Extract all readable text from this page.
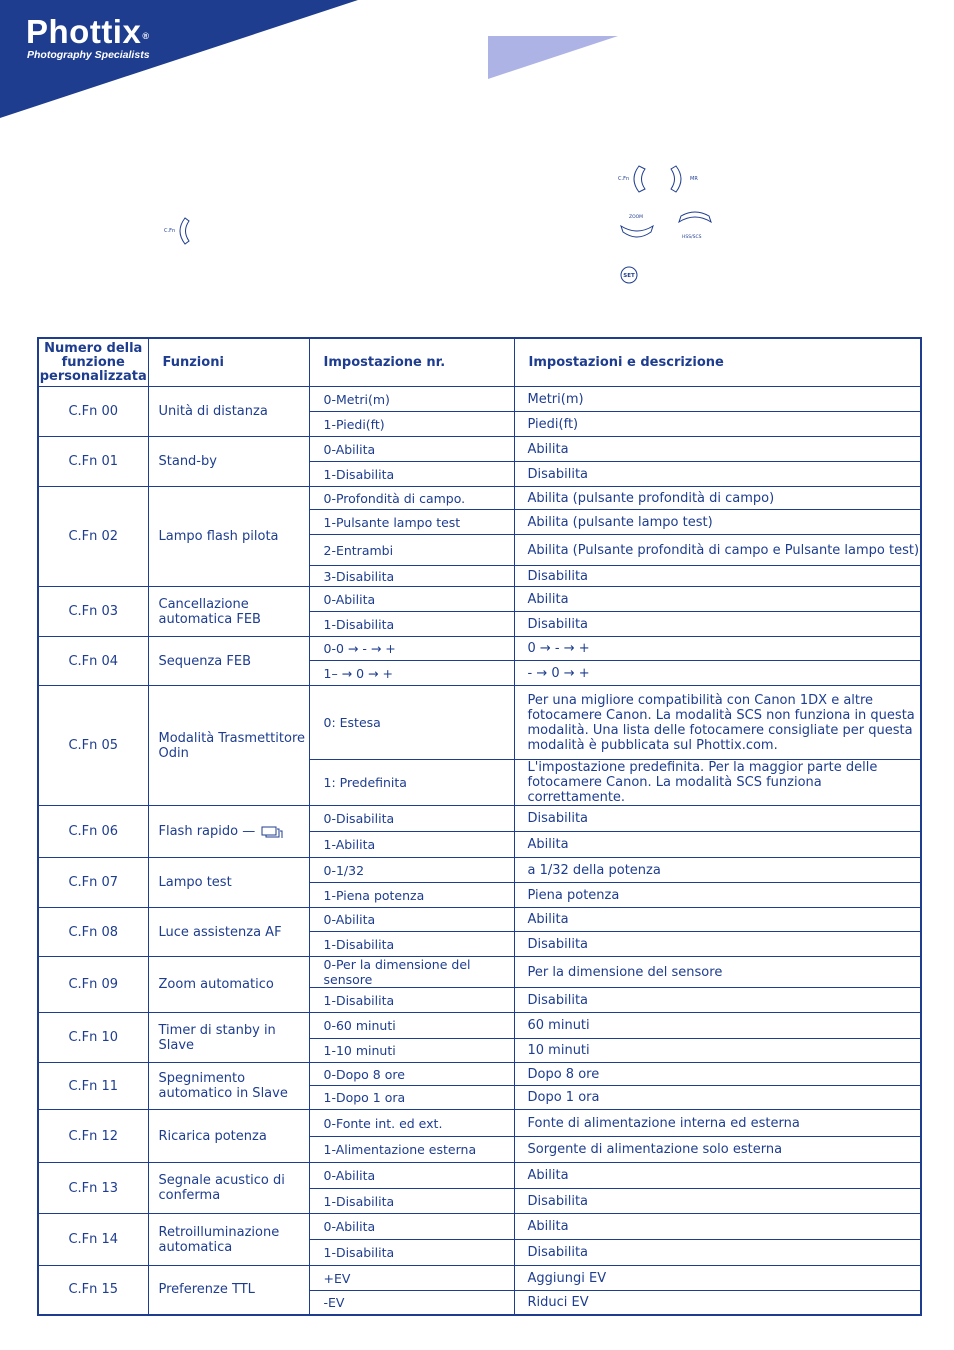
Phottix®
Photography Specialists
C.Fn
C.Fn	MR
ZOOM
HSS/SCS
SET
Numero della funzione personalizzata	Funzioni	Impostazione nr.	Impostazioni e descrizione
C.Fn 00	Unità di distanza	0-Metri(m)	Metri(m)
		1-Piedi(ft)	Piedi(ft)
C.Fn 01	Stand-by	0-Abilita	Abilita
		1-Disabilita	Disabilita
C.Fn 02	Lampo flash pilota	0-Profondità di campo.	Abilita (pulsante profondità di campo)
		1-Pulsante lampo test	Abilita (pulsante lampo test)
		2-Entrambi	Abilita (Pulsante profondità di campo e Pulsante lampo test)
		3-Disabilita	Disabilita
C.Fn 03	Cancellazione automatica FEB	0-Abilita	Abilita
		1-Disabilita	Disabilita
C.Fn 04	Sequenza FEB	0-0 → - → +	0 → - → +
		1– → 0 → +	- → 0 → +
C.Fn 05	Modalità Trasmettitore Odin	0: Estesa	Per una migliore compatibilità con Canon 1DX e altre fotocamere Canon. La modalità SCS non funziona in questa modalità. Una lista delle fotocamere consigliate per questa modalità è pubblicata sul Phottix.com.
		1: Predefinita	L'impostazione predefinita. Per la maggior parte delle fotocamere Canon. La modalità SCS funziona correttamente.
C.Fn 06	Flash rapido —	0-Disabilita	Disabilita
		1-Abilita	Abilita
C.Fn 07	Lampo test	0-1/32	a 1/32 della potenza
		1-Piena potenza	Piena potenza
C.Fn 08	Luce assistenza AF	0-Abilita	Abilita
		1-Disabilita	Disabilita
C.Fn 09	Zoom automatico	0-Per la dimensione del sensore	Per la dimensione del sensore
		1-Disabilita	Disabilita
C.Fn 10	Timer di stanby in Slave	0-60 minuti	60 minuti
		1-10 minuti	10 minuti
C.Fn 11	Spegnimento automatico in Slave	0-Dopo 8 ore	Dopo 8 ore
		1-Dopo 1 ora	Dopo 1 ora
C.Fn 12	Ricarica potenza	0-Fonte int. ed ext.	Fonte di alimentazione interna ed esterna
		1-Alimentazione esterna	Sorgente di alimentazione solo esterna
C.Fn 13	Segnale acustico di conferma	0-Abilita	Abilita
		1-Disabilita	Disabilita
C.Fn 14	Retroilluminazione automatica	0-Abilita	Abilita
		1-Disabilita	Disabilita
C.Fn 15	Preferenze TTL	+EV	Aggiungi EV
		-EV	Riduci EV
